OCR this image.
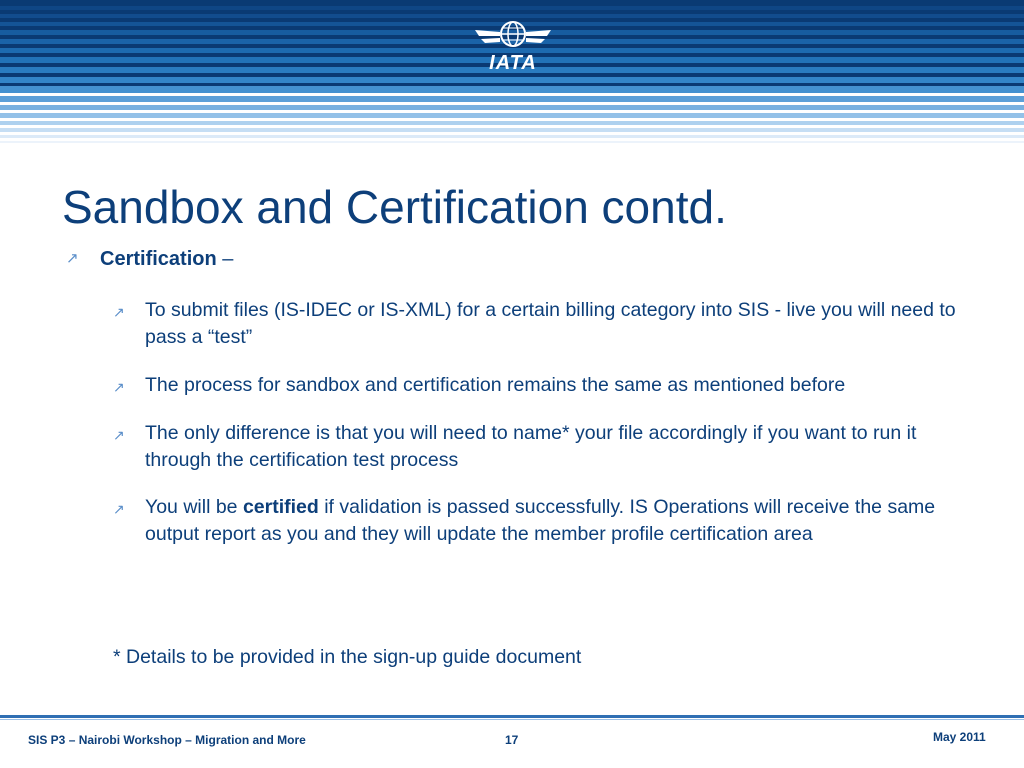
IATA
Sandbox and Certification contd.
↗ Certification –
↗	To submit files (IS-IDEC or IS-XML) for a certain billing category into SIS - live you will need to pass a “test”
↗	The process for sandbox and certification remains the same as mentioned before
↗	The only difference is that you will need to name* your file accordingly if you want to run it through the certification test process
↗	You will be certified if validation is passed successfully. IS Operations will receive the same output report as you and they will update the member profile certification area
* Details to be provided in the sign-up guide document
SIS P3 – Nairobi Workshop – Migration and More	17	May 2011
